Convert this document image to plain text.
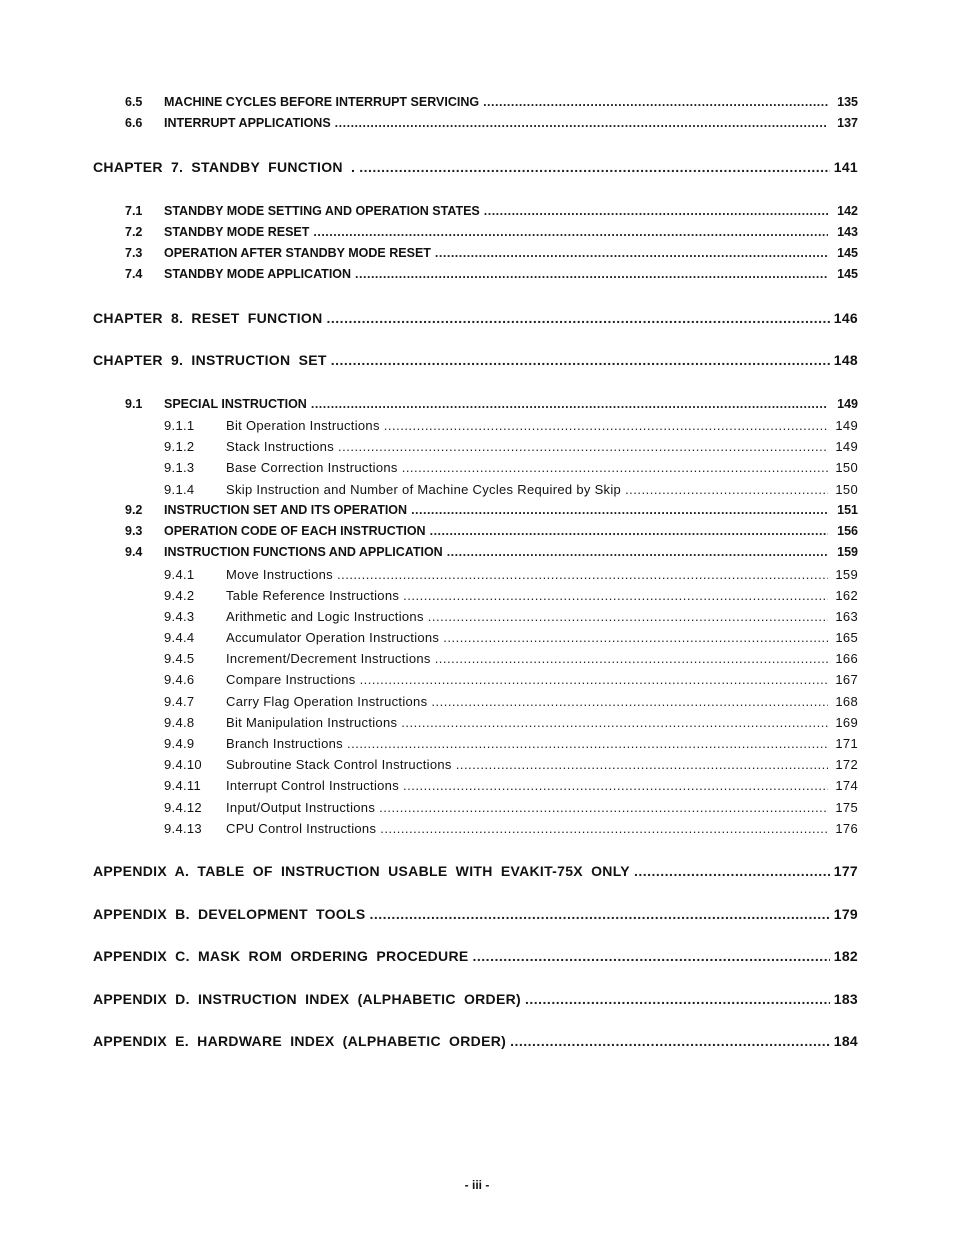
6.5	MACHINE CYCLES BEFORE INTERRUPT SERVICING .....	135
6.6	INTERRUPT APPLICATIONS .....	137
CHAPTER 7. STANDBY FUNCTION . .....	141
7.1	STANDBY MODE SETTING AND OPERATION STATES .....	142
7.2	STANDBY MODE RESET .....	143
7.3	OPERATION AFTER STANDBY MODE RESET .....	145
7.4	STANDBY MODE APPLICATION .....	145
CHAPTER 8. RESET FUNCTION .....	146
CHAPTER 9. INSTRUCTION SET .....	148
9.1	SPECIAL INSTRUCTION .....	149
9.1.1	Bit Operation Instructions .....	149
9.1.2	Stack Instructions .....	149
9.1.3	Base Correction Instructions .....	150
9.1.4	Skip Instruction and Number of Machine Cycles Required by Skip .....	150
9.2	INSTRUCTION SET AND ITS OPERATION .....	151
9.3	OPERATION CODE OF EACH INSTRUCTION .....	156
9.4	INSTRUCTION FUNCTIONS AND APPLICATION .....	159
9.4.1	Move Instructions .....	159
9.4.2	Table Reference Instructions .....	162
9.4.3	Arithmetic and Logic Instructions .....	163
9.4.4	Accumulator Operation Instructions .....	165
9.4.5	Increment/Decrement Instructions .....	166
9.4.6	Compare Instructions .....	167
9.4.7	Carry Flag Operation Instructions .....	168
9.4.8	Bit Manipulation Instructions .....	169
9.4.9	Branch Instructions .....	171
9.4.10	Subroutine Stack Control Instructions .....	172
9.4.11	Interrupt Control Instructions .....	174
9.4.12	Input/Output Instructions .....	175
9.4.13	CPU Control Instructions .....	176
APPENDIX A. TABLE OF INSTRUCTION USABLE WITH EVAKIT-75X ONLY .....	177
APPENDIX B. DEVELOPMENT TOOLS .....	179
APPENDIX C. MASK ROM ORDERING PROCEDURE .....	182
APPENDIX D. INSTRUCTION INDEX (ALPHABETIC ORDER) .....	183
APPENDIX E. HARDWARE INDEX (ALPHABETIC ORDER) .....	184
- iii -
